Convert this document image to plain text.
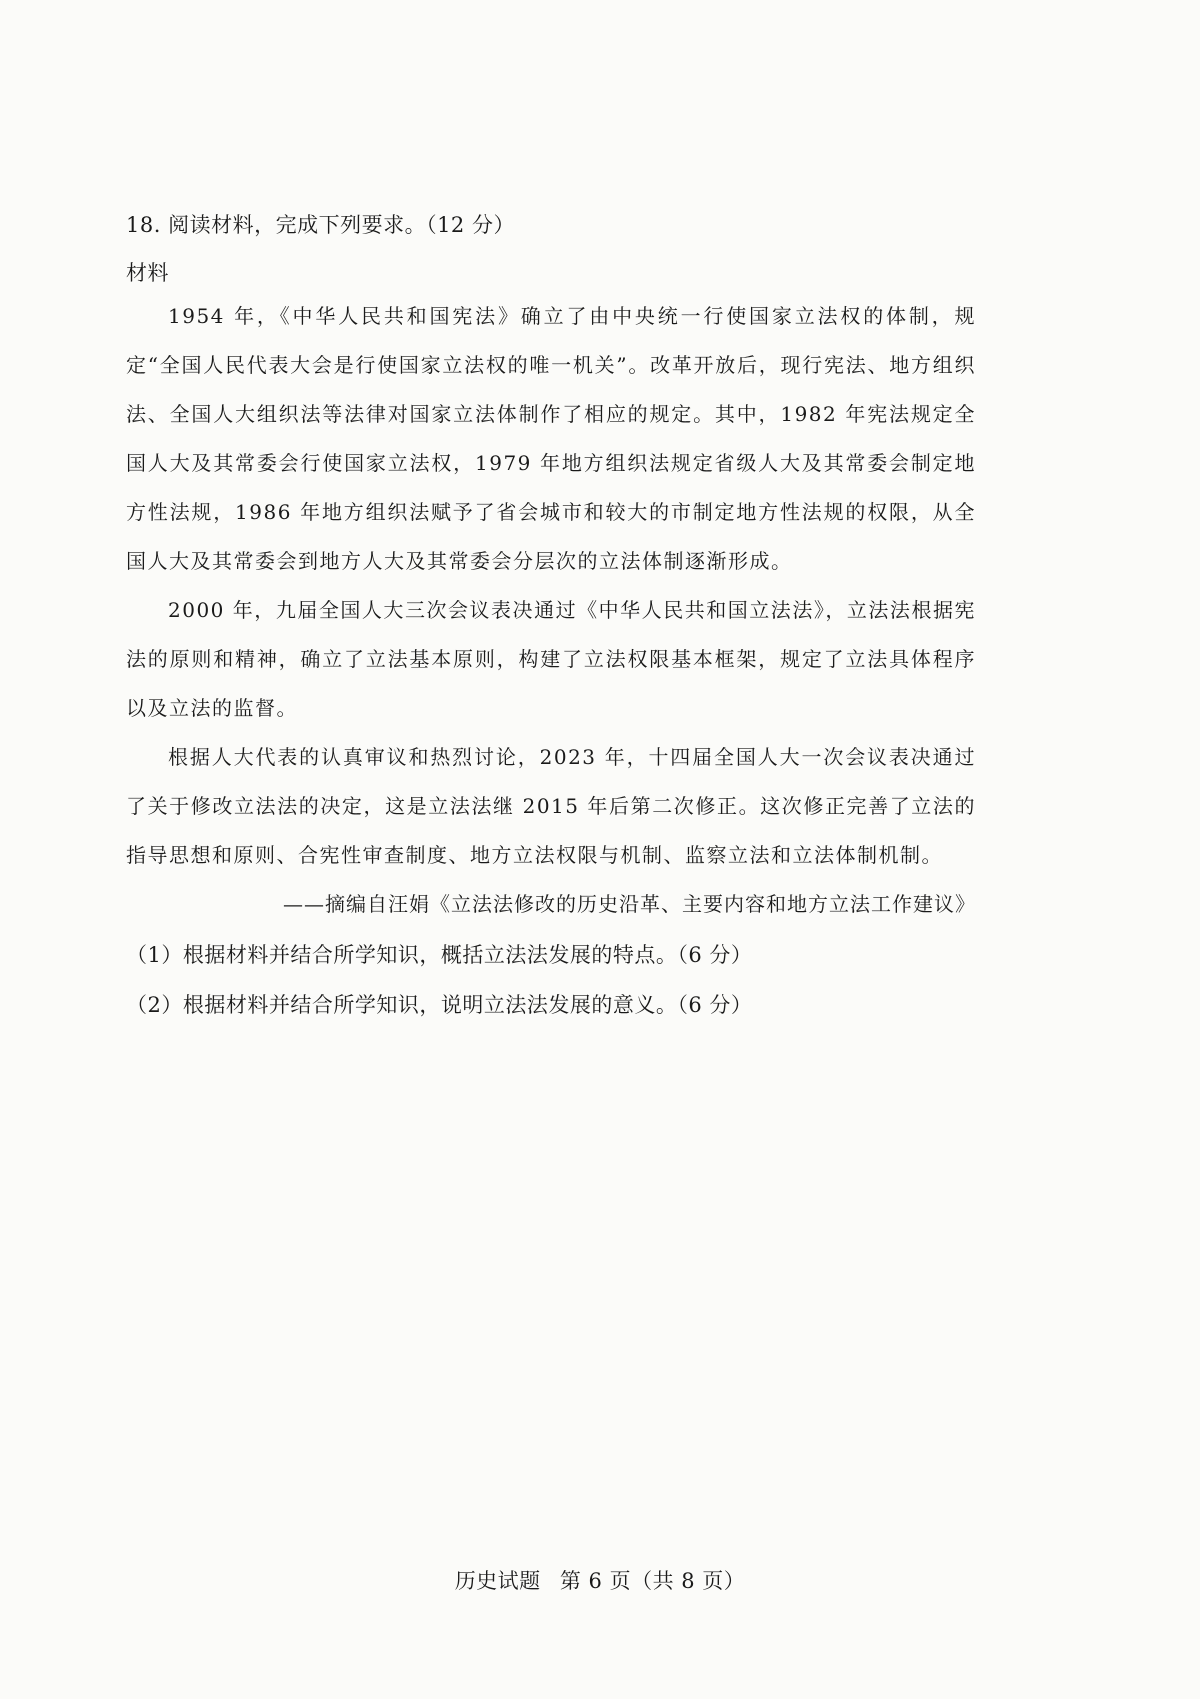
18. 阅读材料，完成下列要求。（12 分）

材料

1954 年，《中华人民共和国宪法》确立了由中央统一行使国家立法权的体制，规定“全国人民代表大会是行使国家立法权的唯一机关”。改革开放后，现行宪法、地方组织法、全国人大组织法等法律对国家立法体制作了相应的规定。其中，1982 年宪法规定全国人大及其常委会行使国家立法权，1979 年地方组织法规定省级人大及其常委会制定地方性法规，1986 年地方组织法赋予了省会城市和较大的市制定地方性法规的权限，从全国人大及其常委会到地方人大及其常委会分层次的立法体制逐渐形成。

2000 年，九届全国人大三次会议表决通过《中华人民共和国立法法》，立法法根据宪法的原则和精神，确立了立法基本原则，构建了立法权限基本框架，规定了立法具体程序以及立法的监督。

根据人大代表的认真审议和热烈讨论，2023 年，十四届全国人大一次会议表决通过了关于修改立法法的决定，这是立法法继 2015 年后第二次修正。这次修正完善了立法的指导思想和原则、合宪性审查制度、地方立法权限与机制、监察立法和立法体制机制。

——摘编自汪娟《立法法修改的历史沿革、主要内容和地方立法工作建议》

（1）根据材料并结合所学知识，概括立法法发展的特点。（6 分）

（2）根据材料并结合所学知识，说明立法法发展的意义。（6 分）

历史试题 第 6 页（共 8 页）
